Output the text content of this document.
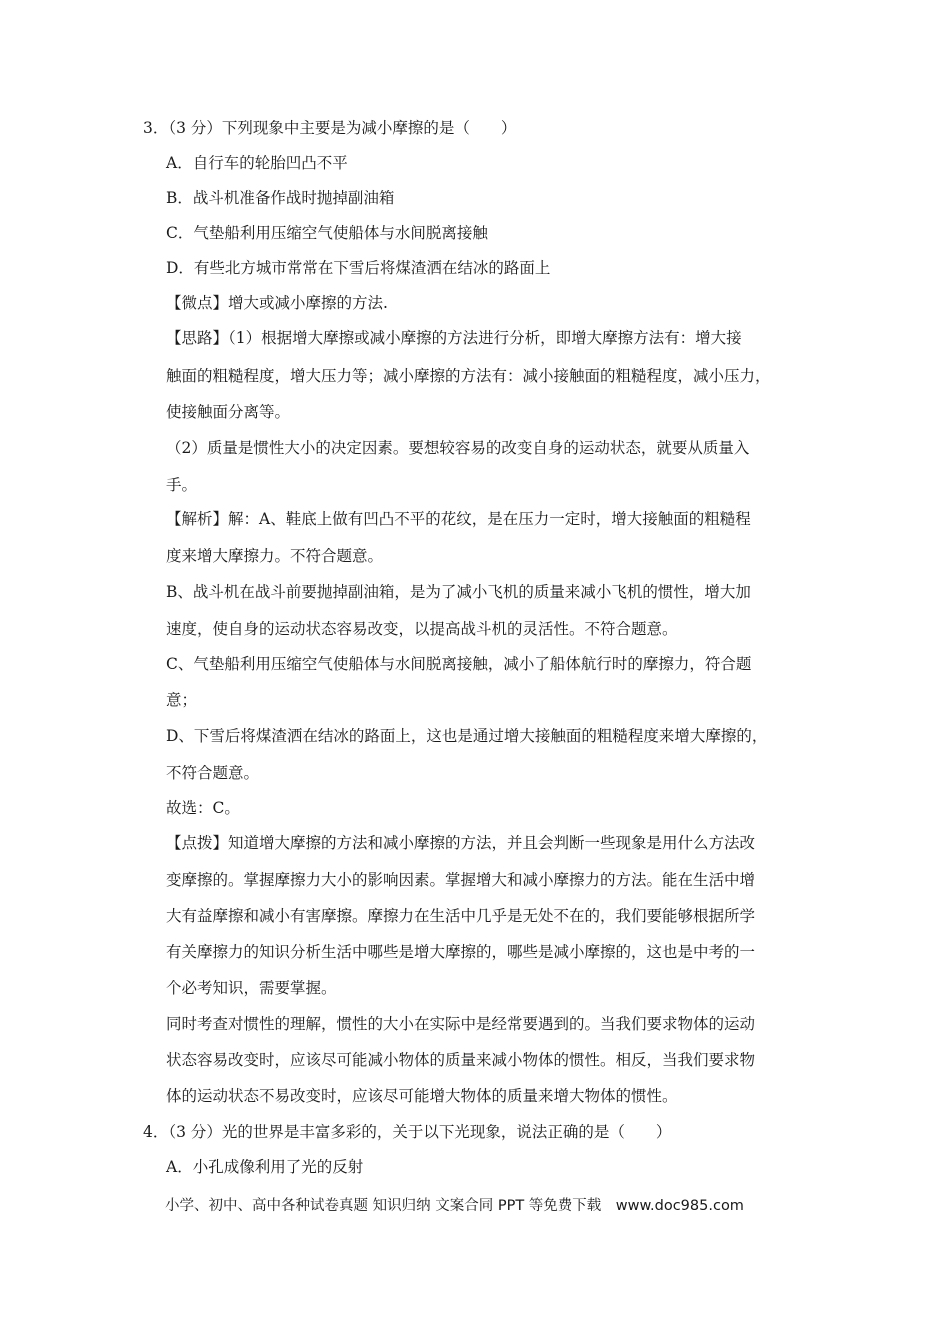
3．（3 分）下列现象中主要是为减小摩擦的是（　　）
A．自行车的轮胎凹凸不平
B．战斗机准备作战时抛掉副油箱
C．气垫船利用压缩空气使船体与水间脱离接触
D．有些北方城市常常在下雪后将煤渣洒在结冰的路面上
【微点】增大或减小摩擦的方法.
【思路】（1）根据增大摩擦或减小摩擦的方法进行分析，即增大摩擦方法有：增大接
触面的粗糙程度，增大压力等；减小摩擦的方法有：减小接触面的粗糙程度，减小压力，
使接触面分离等。
（2）质量是惯性大小的决定因素。要想较容易的改变自身的运动状态，就要从质量入
手。
【解析】解：A、鞋底上做有凹凸不平的花纹，是在压力一定时，增大接触面的粗糙程
度来增大摩擦力。不符合题意。
B、战斗机在战斗前要抛掉副油箱，是为了减小飞机的质量来减小飞机的惯性，增大加
速度，使自身的运动状态容易改变，以提高战斗机的灵活性。不符合题意。
C、气垫船利用压缩空气使船体与水间脱离接触，减小了船体航行时的摩擦力，符合题
意；
D、下雪后将煤渣洒在结冰的路面上，这也是通过增大接触面的粗糙程度来增大摩擦的，
不符合题意。
故选：C。
【点拨】知道增大摩擦的方法和减小摩擦的方法，并且会判断一些现象是用什么方法改
变摩擦的。掌握摩擦力大小的影响因素。掌握增大和减小摩擦力的方法。能在生活中增
大有益摩擦和减小有害摩擦。摩擦力在生活中几乎是无处不在的，我们要能够根据所学
有关摩擦力的知识分析生活中哪些是增大摩擦的，哪些是减小摩擦的，这也是中考的一
个必考知识，需要掌握。
同时考查对惯性的理解，惯性的大小在实际中是经常要遇到的。当我们要求物体的运动
状态容易改变时，应该尽可能减小物体的质量来减小物体的惯性。相反，当我们要求物
体的运动状态不易改变时，应该尽可能增大物体的质量来增大物体的惯性。
4．（3 分）光的世界是丰富多彩的，关于以下光现象，说法正确的是（　　）
A．小孔成像利用了光的反射
小学、初中、高中各种试卷真题 知识归纳 文案合同 PPT 等免费下载　www.doc985.com
